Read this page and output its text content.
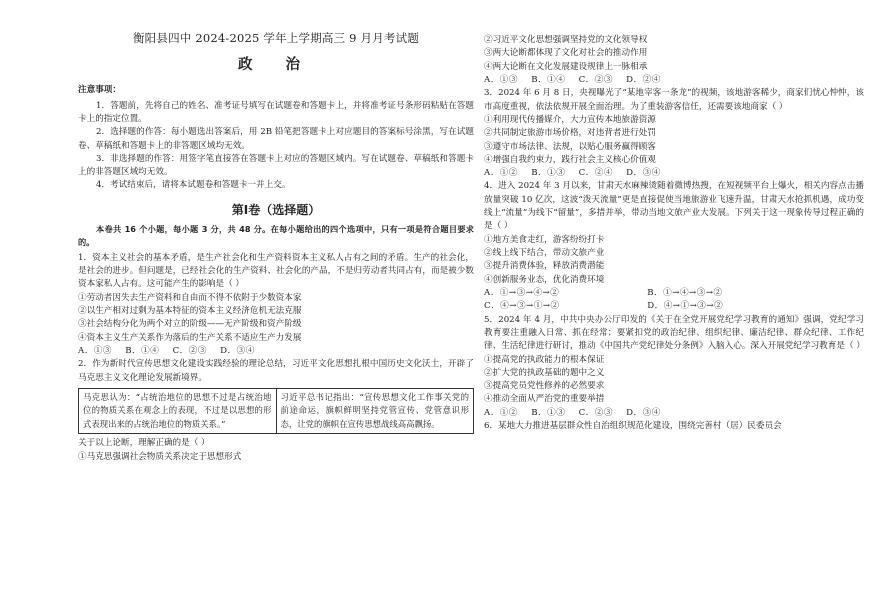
衡阳县四中 2024-2025 学年上学期高三 9 月月考试题
政 治
注意事项：
1．答题前，先将自己的姓名、准考证号填写在试题卷和答题卡上，并将准考证号条形码粘贴在答题卡上的指定位置。
2．选择题的作答：每小题选出答案后，用 2B 铅笔把答题卡上对应题目的答案标号涂黑，写在试题卷、草稿纸和答题卡上的非答题区域均无效。
3．非选择题的作答：用签字笔直接答在答题卡上对应的答题区域内。写在试题卷、草稿纸和答题卡上的非答题区域均无效。
4．考试结束后，请将本试题卷和答题卡一并上交。
第Ⅰ卷（选择题）
本卷共 16 个小题，每小题 3 分，共 48 分。在每小题给出的四个选项中，只有一项是符合题目要求的。
1．资本主义社会的基本矛盾，是生产社会化和生产资料资本主义私人占有之间的矛盾。生产的社会化，是社会的进步。但问题是，已经社会化的生产资料、社会化的产品，不是归劳动者共同占有，而是被少数资本家私人占有。这可能产生的影响是（ ）
①劳动者因失去生产资料和自由而不得不依附于少数资本家
②以生产相对过剩为基本特征的资本主义经济危机无法克服
③社会结构分化为两个对立的阶级——无产阶级和资产阶级
④资本主义生产关系作为落后的生产关系不适应生产力发展
A．①③ B．①④ C．②③ D．③④
2．作为新时代宣传思想文化建设实践经验的理论总结，习近平文化思想扎根中国历史文化沃土，开辟了马克思主义文化理论发展新境界。
马克思认为：“占统治地位的思想不过是占统治地位的物质关系在观念上的表现，不过是以思想的形式表现出来的占统治地位的物质关系。”
习近平总书记指出：“宣传思想文化工作事关党的前途命运，旗帜鲜明坚持党管宣传、党管意识形态，让党的旗帜在宣传思想战线高高飘扬。
关于以上论断，理解正确的是（ ）
①马克思强调社会物质关系决定于思想形式
②习近平文化思想强调坚持党的文化领导权
③两大论断都体现了文化对社会的推动作用
④两大论断在文化发展建设规律上一脉相承
A．①③ B．①④ C．②③ D．②④
3．2024 年 6 月 8 日，央视曝光了“某地宰客一条龙”的视频，该地游客稀少，商家们忧心忡忡，该市高度重视，依法依规开展全面治理。为了重装游客信任，还需要该地商家（ ）
①利用现代传播媒介，大力宣传本地旅游资源
②共同制定旅游市场价格，对违背者进行处罚
③遵守市场法律、法规，以贴心服务赢得顾客
④增强自我约束力，践行社会主义核心价值观
A．①② B．①③ C．②④ D．③④
4．进入 2024 年 3 月以来，甘肃天水麻辣烫随着微博热搜，在短视频平台上爆火，相关内容点击播放量突破 10 亿次，这波“泼天流量”更是直接促使当地旅游业飞速升温，甘肃天水抢抓机遇，成功变线上“流量”为线下“留量”，多措并举，带动当地文旅产业大发展。下列关于这一现象传导过程正确的是（ ）
①地方美食走红，游客纷纷打卡
②线上线下结合，带动文旅产业
③提升消费体验，释放消费潜能
④创新服务业态，优化消费环境
A．①→③→④→②	B．①→④→③→②
C．④→③→①→②	D．④→①→③→②
5．2024 年 4 月，中共中央办公厅印发的《关于在全党开展党纪学习教育的通知》强调，党纪学习教育要注重融入日常、抓在经常；要紧扣党的政治纪律、组织纪律、廉洁纪律、群众纪律、工作纪律、生活纪律进行研讨，推动《中国共产党纪律处分条例》入脑入心。深入开展党纪学习教育是（ ）
①提高党的执政能力的根本保证
②扩大党的执政基础的题中之义
③提高党员党性修养的必然要求
④推动全面从严治党的重要举措
A．①② B．①③ C．②③ D．③④
6．某地大力推进基层群众性自治组织规范化建设，围绕完善村（居）民委员会
